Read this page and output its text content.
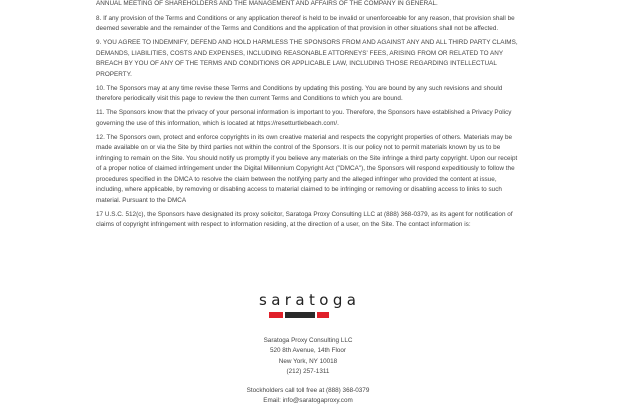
ANNUAL MEETING OF SHAREHOLDERS AND THE MANAGEMENT AND AFFAIRS OF THE COMPANY IN GENERAL.

8. If any provision of the Terms and Conditions or any application thereof is held to be invalid or unenforceable for any reason, that provision shall be deemed severable and the remainder of the Terms and Conditions and the application of that provision in other situations shall not be affected.

9. YOU AGREE TO INDEMNIFY, DEFEND AND HOLD HARMLESS THE SPONSORS FROM AND AGAINST ANY AND ALL THIRD PARTY CLAIMS, DEMANDS, LIABILITIES, COSTS AND EXPENSES, INCLUDING REASONABLE ATTORNEYS' FEES, ARISING FROM OR RELATED TO ANY BREACH BY YOU OF ANY OF THE TERMS AND CONDITIONS OR APPLICABLE LAW, INCLUDING THOSE REGARDING INTELLECTUAL PROPERTY.

10. The Sponsors may at any time revise these Terms and Conditions by updating this posting. You are bound by any such revisions and should therefore periodically visit this page to review the then current Terms and Conditions to which you are bound.

11. The Sponsors know that the privacy of your personal information is important to you. Therefore, the Sponsors have established a Privacy Policy governing the use of this information, which is located at https://resetturtlebeach.com/.

12. The Sponsors own, protect and enforce copyrights in its own creative material and respects the copyright properties of others. Materials may be made available on or via the Site by third parties not within the control of the Sponsors. It is our policy not to permit materials known by us to be infringing to remain on the Site. You should notify us promptly if you believe any materials on the Site infringe a third party copyright. Upon our receipt of a proper notice of claimed infringement under the Digital Millennium Copyright Act ("DMCA"), the Sponsors will respond expeditiously to follow the procedures specified in the DMCA to resolve the claim between the notifying party and the alleged infringer who provided the content at issue, including, where applicable, by removing or disabling access to material claimed to be infringing or removing or disabling access to links to such material. Pursuant to the DMCA

17 U.S.C. 512(c), the Sponsors have designated its proxy solicitor, Saratoga Proxy Consulting LLC at (888) 368-0379, as its agent for notification of claims of copyright infringement with respect to information residing, at the direction of a user, on the Site. The contact information is:

saratoga
Saratoga Proxy Consulting LLC
520 8th Avenue, 14th Floor
New York, NY 10018
(212) 257-1311
Stockholders call toll free at (888) 368-0379
Email: info@saratogaproxy.com
